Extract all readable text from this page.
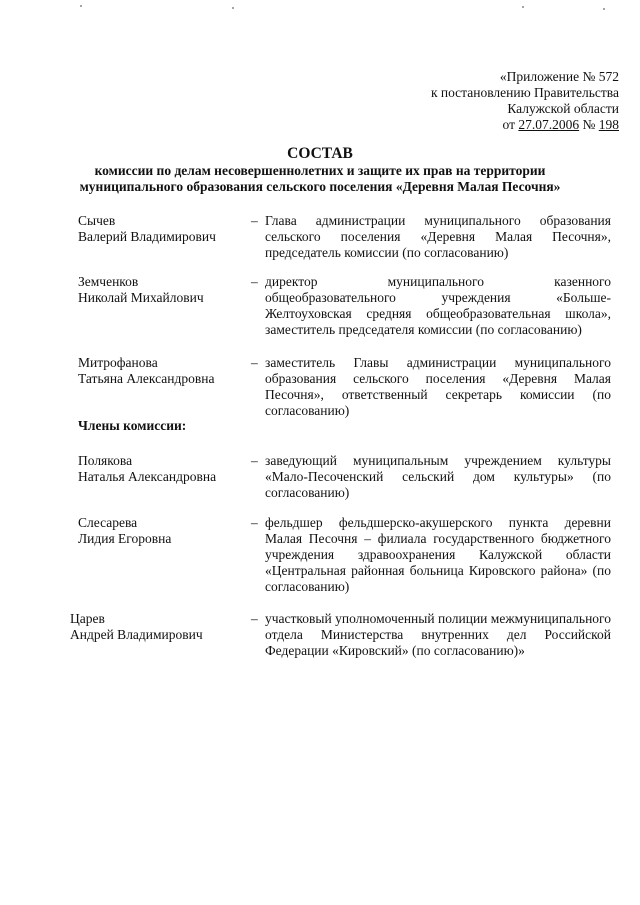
«Приложение № 572
к постановлению Правительства
Калужской области
от 27.07.2006 № 198
СОСТАВ
комиссии по делам несовершеннолетних и защите их прав на территории
муниципального образования сельского поселения «Деревня Малая Песочня»
Сычев
Валерий Владимирович
– Глава администрации муниципального образования сельского поселения «Деревня Малая Песочня», председатель комиссии (по согласованию)
Земченков
Николай Михайлович
– директор муниципального казенного общеобразовательного учреждения «Больше-Желтоуховская средняя общеобразовательная школа», заместитель председателя комиссии (по согласованию)
Митрофанова
Татьяна Александровна
– заместитель Главы администрации муниципального образования сельского поселения «Деревня Малая Песочня», ответственный секретарь комиссии (по согласованию)
Члены комиссии:
Полякова
Наталья Александровна
– заведующий муниципальным учреждением культуры «Мало-Песоченский сельский дом культуры» (по согласованию)
Слесарева
Лидия Егоровна
– фельдшер фельдшерско-акушерского пункта деревни Малая Песочня – филиала государственного бюджетного учреждения здравоохранения Калужской области «Центральная районная больница Кировского района» (по согласованию)
Царев
Андрей Владимирович
– участковый уполномоченный полиции межмуниципального отдела Министерства внутренних дел Российской Федерации «Кировский» (по согласованию)»
